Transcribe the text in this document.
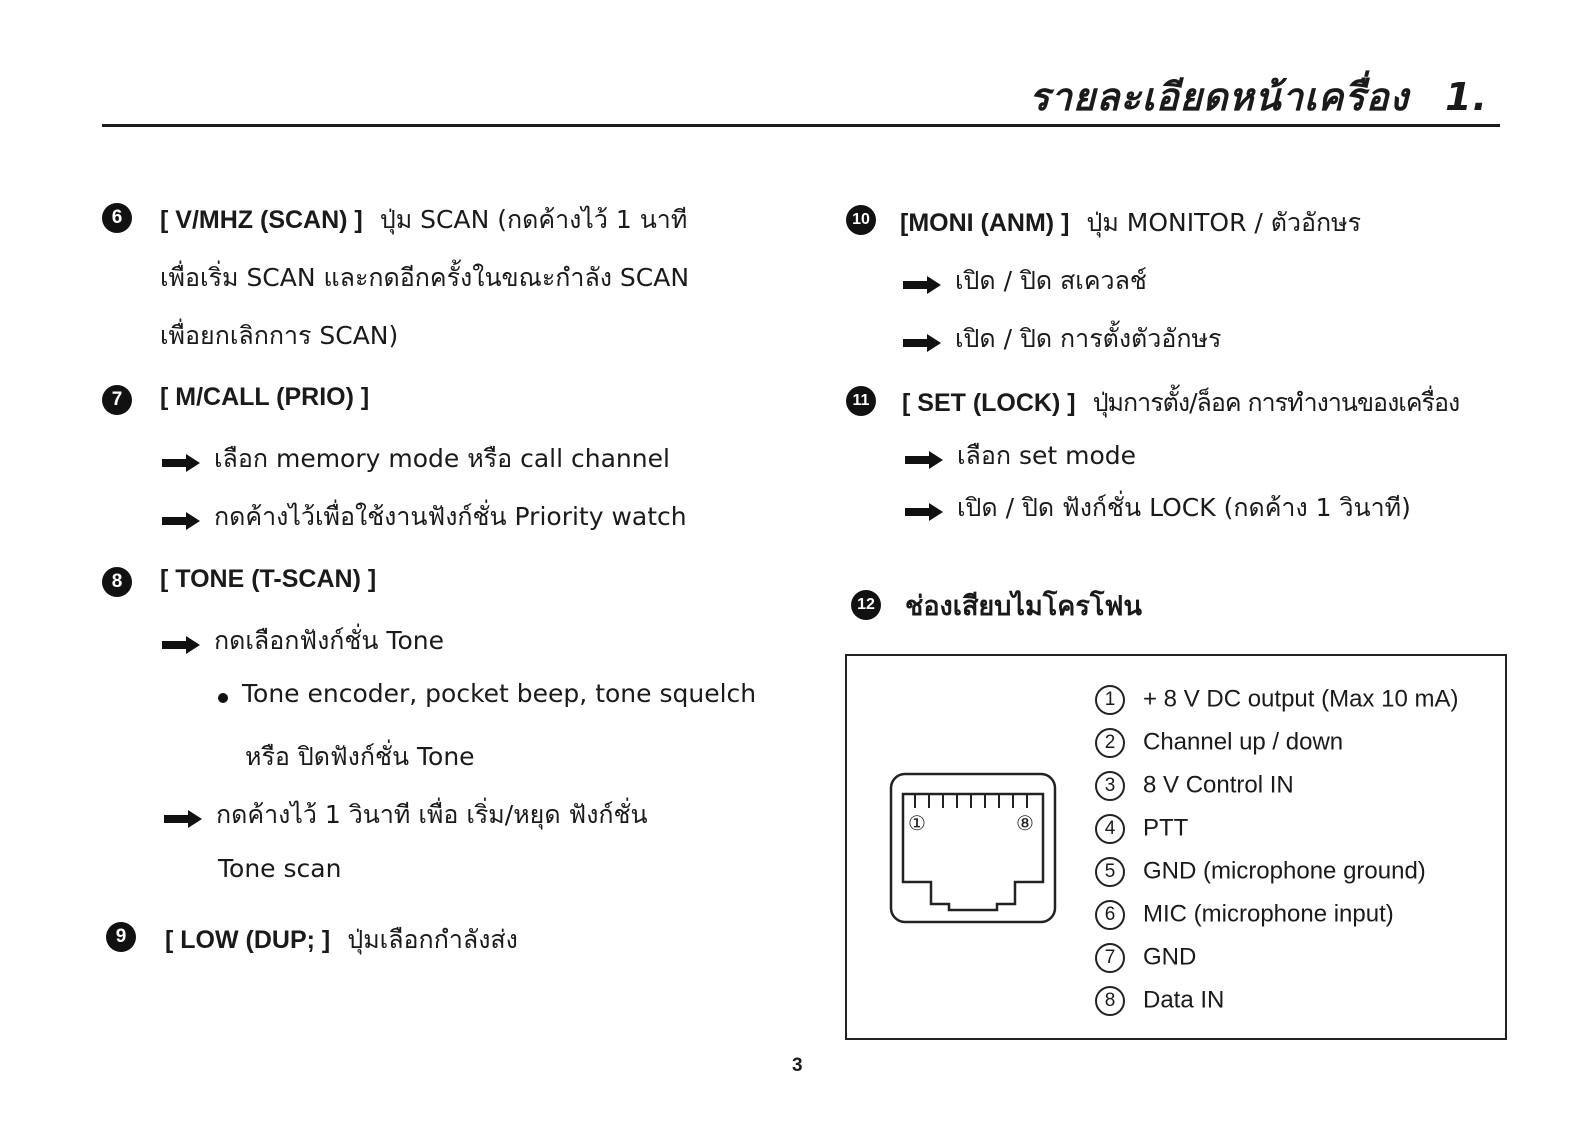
รายละเอียดหน้าเครื่อง 1.
6	[ V/MHZ (SCAN) ] ปุ่ม SCAN (กดค้างไว้ 1 นาที
เพื่อเริ่ม SCAN และกดอีกครั้งในขณะกำลัง SCAN
เพื่อยกเลิกการ SCAN)
7	[ M/CALL (PRIO) ]
เลือก memory mode หรือ call channel
กดค้างไว้เพื่อใช้งานฟังก์ชั่น Priority watch
8	[ TONE (T-SCAN) ]
กดเลือกฟังก์ชั่น Tone
Tone encoder, pocket beep, tone squelch
หรือ ปิดฟังก์ชั่น Tone
กดค้างไว้ 1 วินาที เพื่อ เริ่ม/หยุด ฟังก์ชั่น
Tone scan
9	[ LOW (DUP; ] ปุ่มเลือกกำลังส่ง
10 [MONI (ANM) ] ปุ่ม MONITOR / ตัวอักษร
เปิด / ปิด สเควลช์
เปิด / ปิด การตั้งตัวอักษร
11 [ SET (LOCK) ] ปุ่มการตั้ง/ล็อค การทำงานของเครื่อง
เลือก set mode
เปิด / ปิด ฟังก์ชั่น LOCK (กดค้าง 1 วินาที)
12 ช่องเสียบไมโครโฟน
①	⑧
1 + 8 V DC output (Max 10 mA)
2 Channel up / down
3 8 V Control IN
4 PTT
5 GND (microphone ground)
6 MIC (microphone input)
7 GND
8 Data IN
3
